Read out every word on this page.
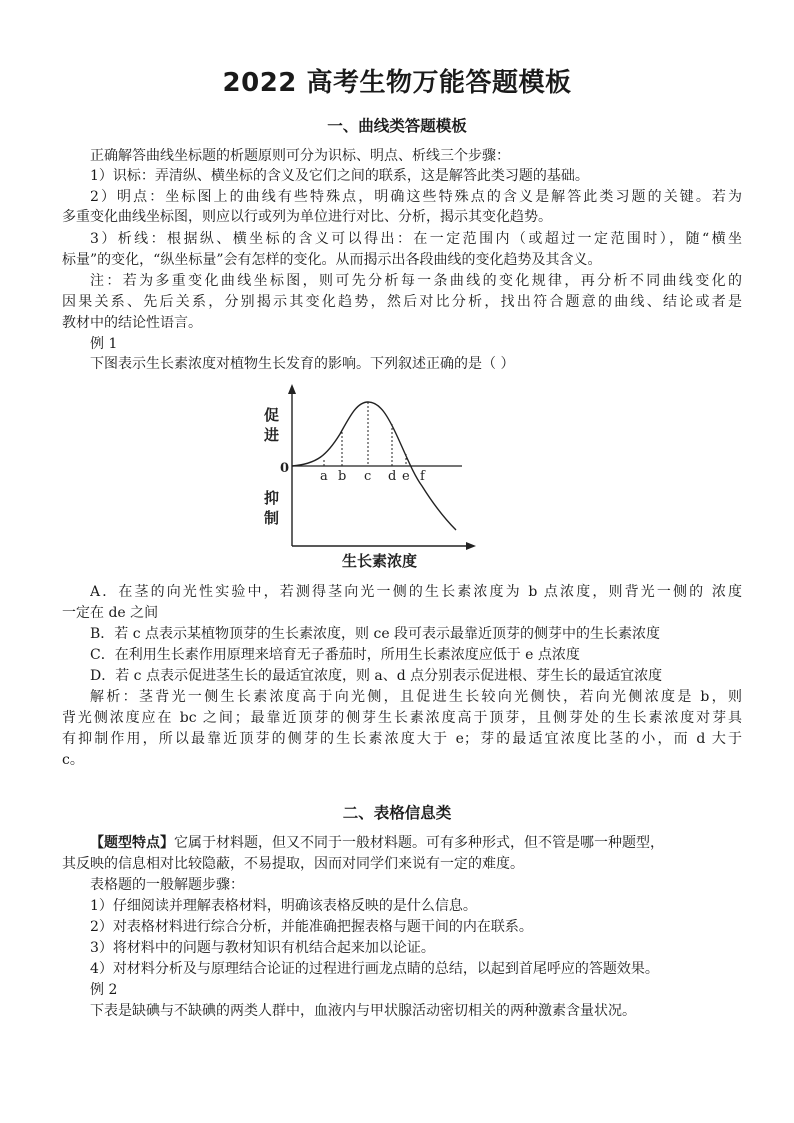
2022 高考生物万能答题模板
一、曲线类答题模板
正确解答曲线坐标题的析题原则可分为识标、明点、析线三个步骤：
1）识标：弄清纵、横坐标的含义及它们之间的联系，这是解答此类习题的基础。
2）明点：坐标图上的曲线有些特殊点，明确这些特殊点的含义是解答此类习题的关键。若为
多重变化曲线坐标图，则应以行或列为单位进行对比、分析，揭示其变化趋势。
3）析线：根据纵、横坐标的含义可以得出：在一定范围内（或超过一定范围时），随“横坐
标量”的变化，“纵坐标量”会有怎样的变化。从而揭示出各段曲线的变化趋势及其含义。
注：若为多重变化曲线坐标图，则可先分析每一条曲线的变化规律，再分析不同曲线变化的
因果关系、先后关系，分别揭示其变化趋势，然后对比分析，找出符合题意的曲线、结论或者是
教材中的结论性语言。
例 1
下图表示生长素浓度对植物生长发育的影响。下列叙述正确的是（ ）
促
进
抑
制
0
a b c d e f
生长素浓度
A．在茎的向光性实验中，若测得茎向光一侧的生长素浓度为 b 点浓度，则背光一侧的 浓度
一定在 de 之间
B．若 c 点表示某植物顶芽的生长素浓度，则 ce 段可表示最靠近顶芽的侧芽中的生长素浓度
C．在利用生长素作用原理来培育无子番茄时，所用生长素浓度应低于 e 点浓度
D．若 c 点表示促进茎生长的最适宜浓度，则 a、d 点分别表示促进根、芽生长的最适宜浓度
解析：茎背光一侧生长素浓度高于向光侧，且促进生长较向光侧快，若向光侧浓度是 b，则
背光侧浓度应在 bc 之间；最靠近顶芽的侧芽生长素浓度高于顶芽，且侧芽处的生长素浓度对芽具
有抑制作用，所以最靠近顶芽的侧芽的生长素浓度大于 e；芽的最适宜浓度比茎的小，而 d 大于
c。
二、表格信息类
【题型特点】它属于材料题，但又不同于一般材料题。可有多种形式，但不管是哪一种题型，
其反映的信息相对比较隐蔽，不易提取，因而对同学们来说有一定的难度。
表格题的一般解题步骤：
1）仔细阅读并理解表格材料，明确该表格反映的是什么信息。
2）对表格材料进行综合分析，并能准确把握表格与题干间的内在联系。
3）将材料中的问题与教材知识有机结合起来加以论证。
4）对材料分析及与原理结合论证的过程进行画龙点睛的总结，以起到首尾呼应的答题效果。
例 2
下表是缺碘与不缺碘的两类人群中，血液内与甲状腺活动密切相关的两种激素含量状况。
